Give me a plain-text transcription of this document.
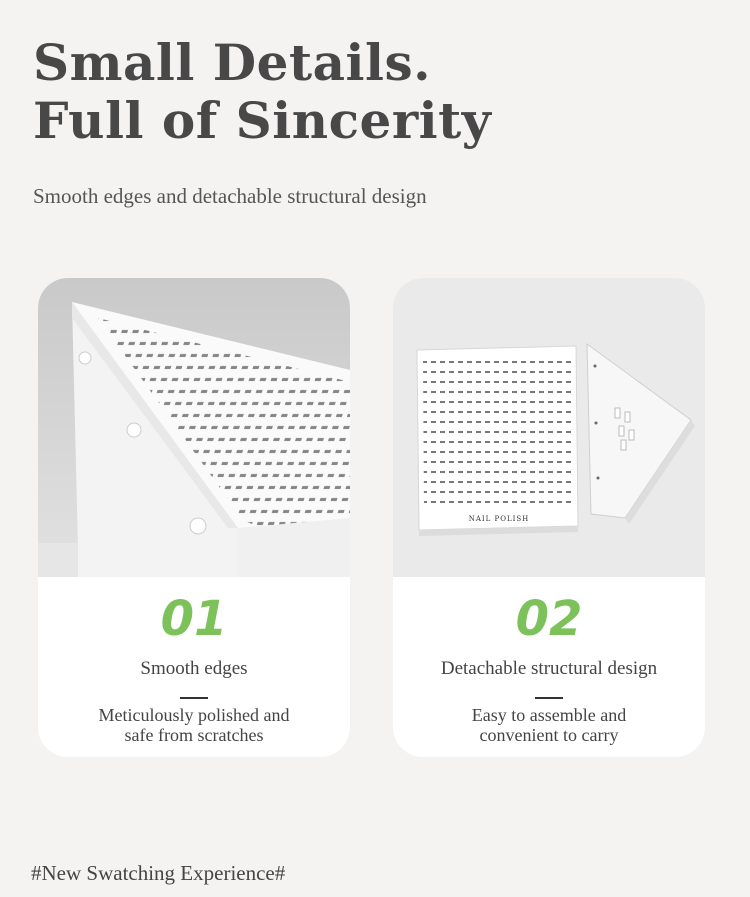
Small Details.
Full of Sincerity
Smooth edges and detachable structural design
01
Smooth edges
Meticulously polished and
safe from scratches
NAIL POLISH
02
Detachable structural design
Easy to assemble and
convenient to carry
#New Swatching Experience#
